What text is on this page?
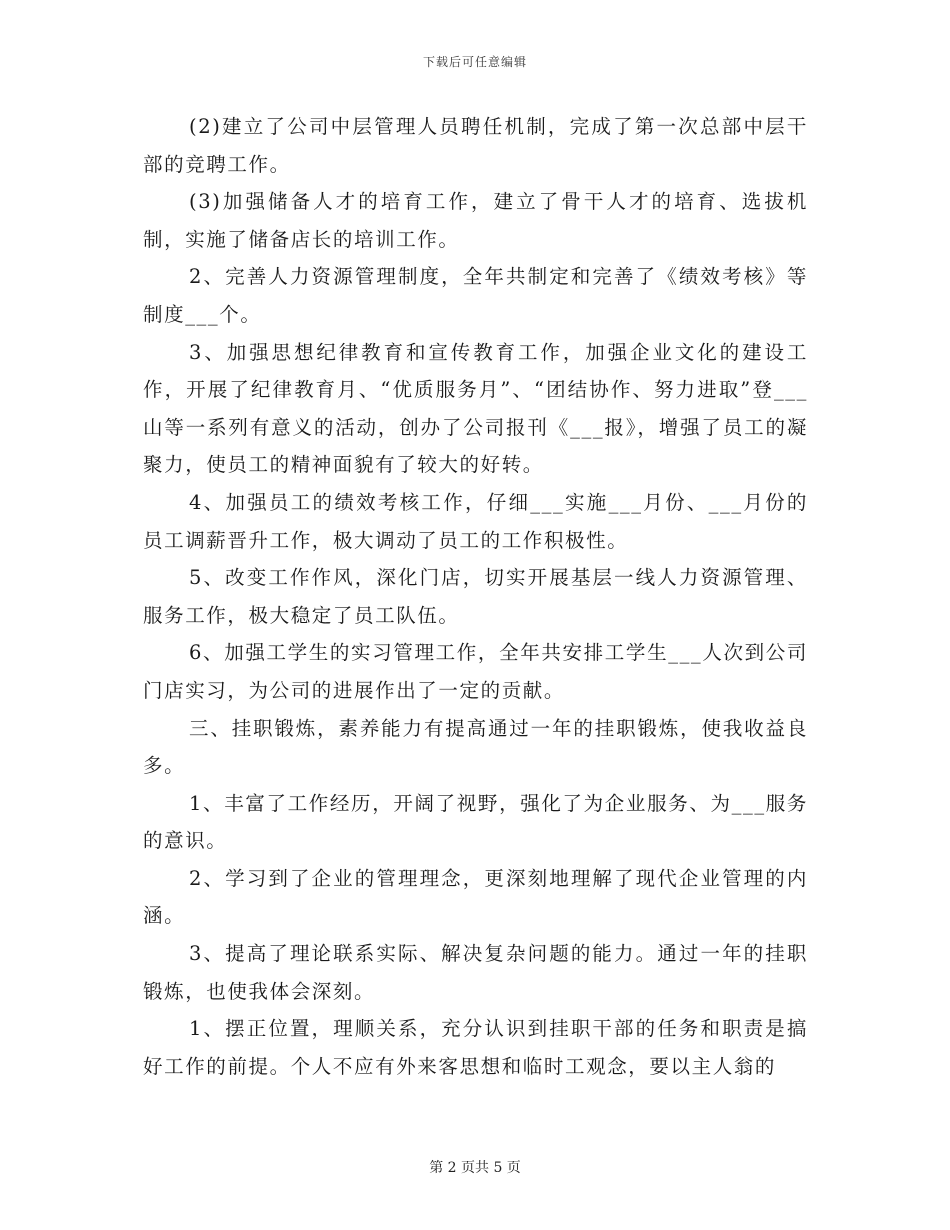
下载后可任意编辑

(2)建立了公司中层管理人员聘任机制，完成了第一次总部中层干部的竞聘工作。

(3)加强储备人才的培育工作，建立了骨干人才的培育、选拔机制，实施了储备店长的培训工作。

2、完善人力资源管理制度，全年共制定和完善了《绩效考核》等制度___个。

3、加强思想纪律教育和宣传教育工作，加强企业文化的建设工作，开展了纪律教育月、“优质服务月”、“团结协作、努力进取”登___山等一系列有意义的活动，创办了公司报刊《___报》，增强了员工的凝聚力，使员工的精神面貌有了较大的好转。

4、加强员工的绩效考核工作，仔细___实施___月份、___月份的员工调薪晋升工作，极大调动了员工的工作积极性。

5、改变工作作风，深化门店，切实开展基层一线人力资源管理、服务工作，极大稳定了员工队伍。

6、加强工学生的实习管理工作，全年共安排工学生___人次到公司门店实习，为公司的进展作出了一定的贡献。

三、挂职锻炼，素养能力有提高通过一年的挂职锻炼，使我收益良多。

1、丰富了工作经历，开阔了视野，强化了为企业服务、为___服务的意识。

2、学习到了企业的管理理念，更深刻地理解了现代企业管理的内涵。

3、提高了理论联系实际、解决复杂问题的能力。通过一年的挂职锻炼，也使我体会深刻。

1、摆正位置，理顺关系，充分认识到挂职干部的任务和职责是搞好工作的前提。个人不应有外来客思想和临时工观念，要以主人翁的

第 2 页共 5 页
